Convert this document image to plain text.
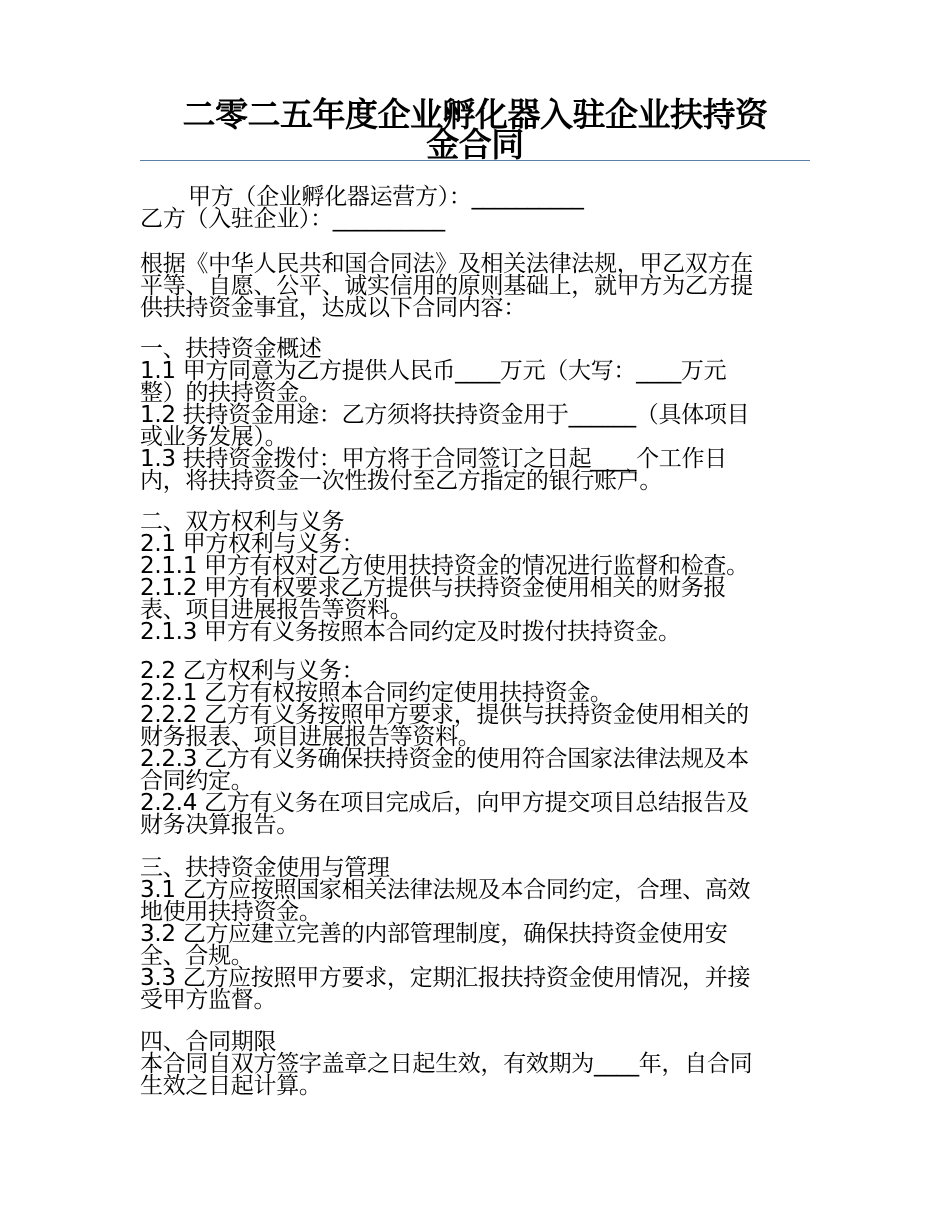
二零二五年度企业孵化器入驻企业扶持资
金合同
甲方（企业孵化器运营方）：__________
乙方（入驻企业）：__________
根据《中华人民共和国合同法》及相关法律法规，甲乙双方在
平等、自愿、公平、诚实信用的原则基础上，就甲方为乙方提
供扶持资金事宜，达成以下合同内容：
一、扶持资金概述
1.1 甲方同意为乙方提供人民币____万元（大写：____万元
整）的扶持资金。
1.2 扶持资金用途：乙方须将扶持资金用于______（具体项目
或业务发展）。
1.3 扶持资金拨付：甲方将于合同签订之日起____个工作日
内，将扶持资金一次性拨付至乙方指定的银行账户。
二、双方权利与义务
2.1 甲方权利与义务：
2.1.1 甲方有权对乙方使用扶持资金的情况进行监督和检查。
2.1.2 甲方有权要求乙方提供与扶持资金使用相关的财务报
表、项目进展报告等资料。
2.1.3 甲方有义务按照本合同约定及时拨付扶持资金。
2.2 乙方权利与义务：
2.2.1 乙方有权按照本合同约定使用扶持资金。
2.2.2 乙方有义务按照甲方要求，提供与扶持资金使用相关的
财务报表、项目进展报告等资料。
2.2.3 乙方有义务确保扶持资金的使用符合国家法律法规及本
合同约定。
2.2.4 乙方有义务在项目完成后，向甲方提交项目总结报告及
财务决算报告。
三、扶持资金使用与管理
3.1 乙方应按照国家相关法律法规及本合同约定，合理、高效
地使用扶持资金。
3.2 乙方应建立完善的内部管理制度，确保扶持资金使用安
全、合规。
3.3 乙方应按照甲方要求，定期汇报扶持资金使用情况，并接
受甲方监督。
四、合同期限
本合同自双方签字盖章之日起生效，有效期为____年，自合同
生效之日起计算。
